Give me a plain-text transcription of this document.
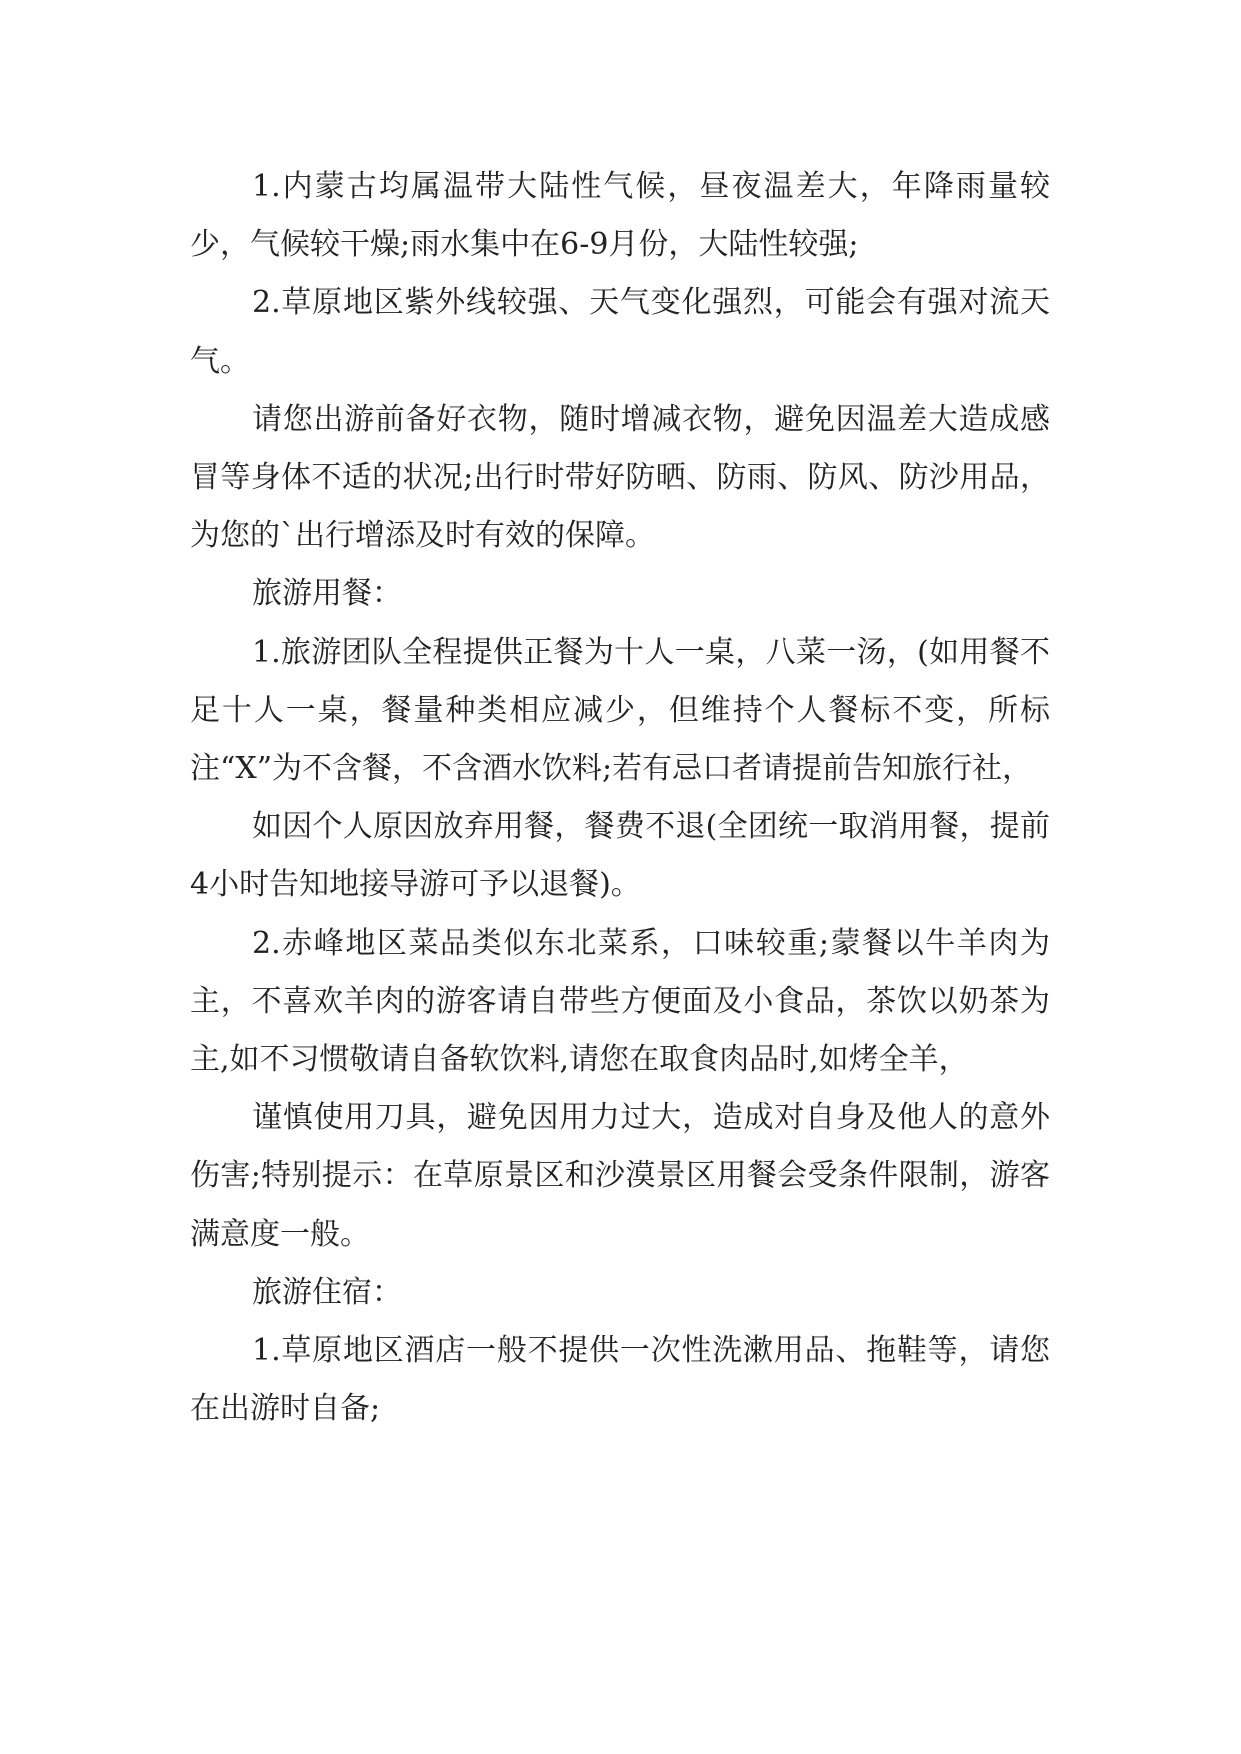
1.内蒙古均属温带大陆性气候，昼夜温差大，年降雨量较少，气候较干燥;雨水集中在6-9月份，大陆性较强;

2.草原地区紫外线较强、天气变化强烈，可能会有强对流天气。

请您出游前备好衣物，随时增减衣物，避免因温差大造成感冒等身体不适的状况;出行时带好防晒、防雨、防风、防沙用品，为您的`出行增添及时有效的保障。

旅游用餐：

1.旅游团队全程提供正餐为十人一桌，八菜一汤，(如用餐不足十人一桌，餐量种类相应减少，但维持个人餐标不变，所标注“X”为不含餐，不含酒水饮料;若有忌口者请提前告知旅行社，

如因个人原因放弃用餐，餐费不退(全团统一取消用餐，提前4小时告知地接导游可予以退餐)。

2.赤峰地区菜品类似东北菜系，口味较重;蒙餐以牛羊肉为主，不喜欢羊肉的游客请自带些方便面及小食品，茶饮以奶茶为主,如不习惯敬请自备软饮料,请您在取食肉品时,如烤全羊，

谨慎使用刀具，避免因用力过大，造成对自身及他人的意外伤害;特别提示：在草原景区和沙漠景区用餐会受条件限制，游客满意度一般。

旅游住宿：

1.草原地区酒店一般不提供一次性洗漱用品、拖鞋等，请您在出游时自备;
